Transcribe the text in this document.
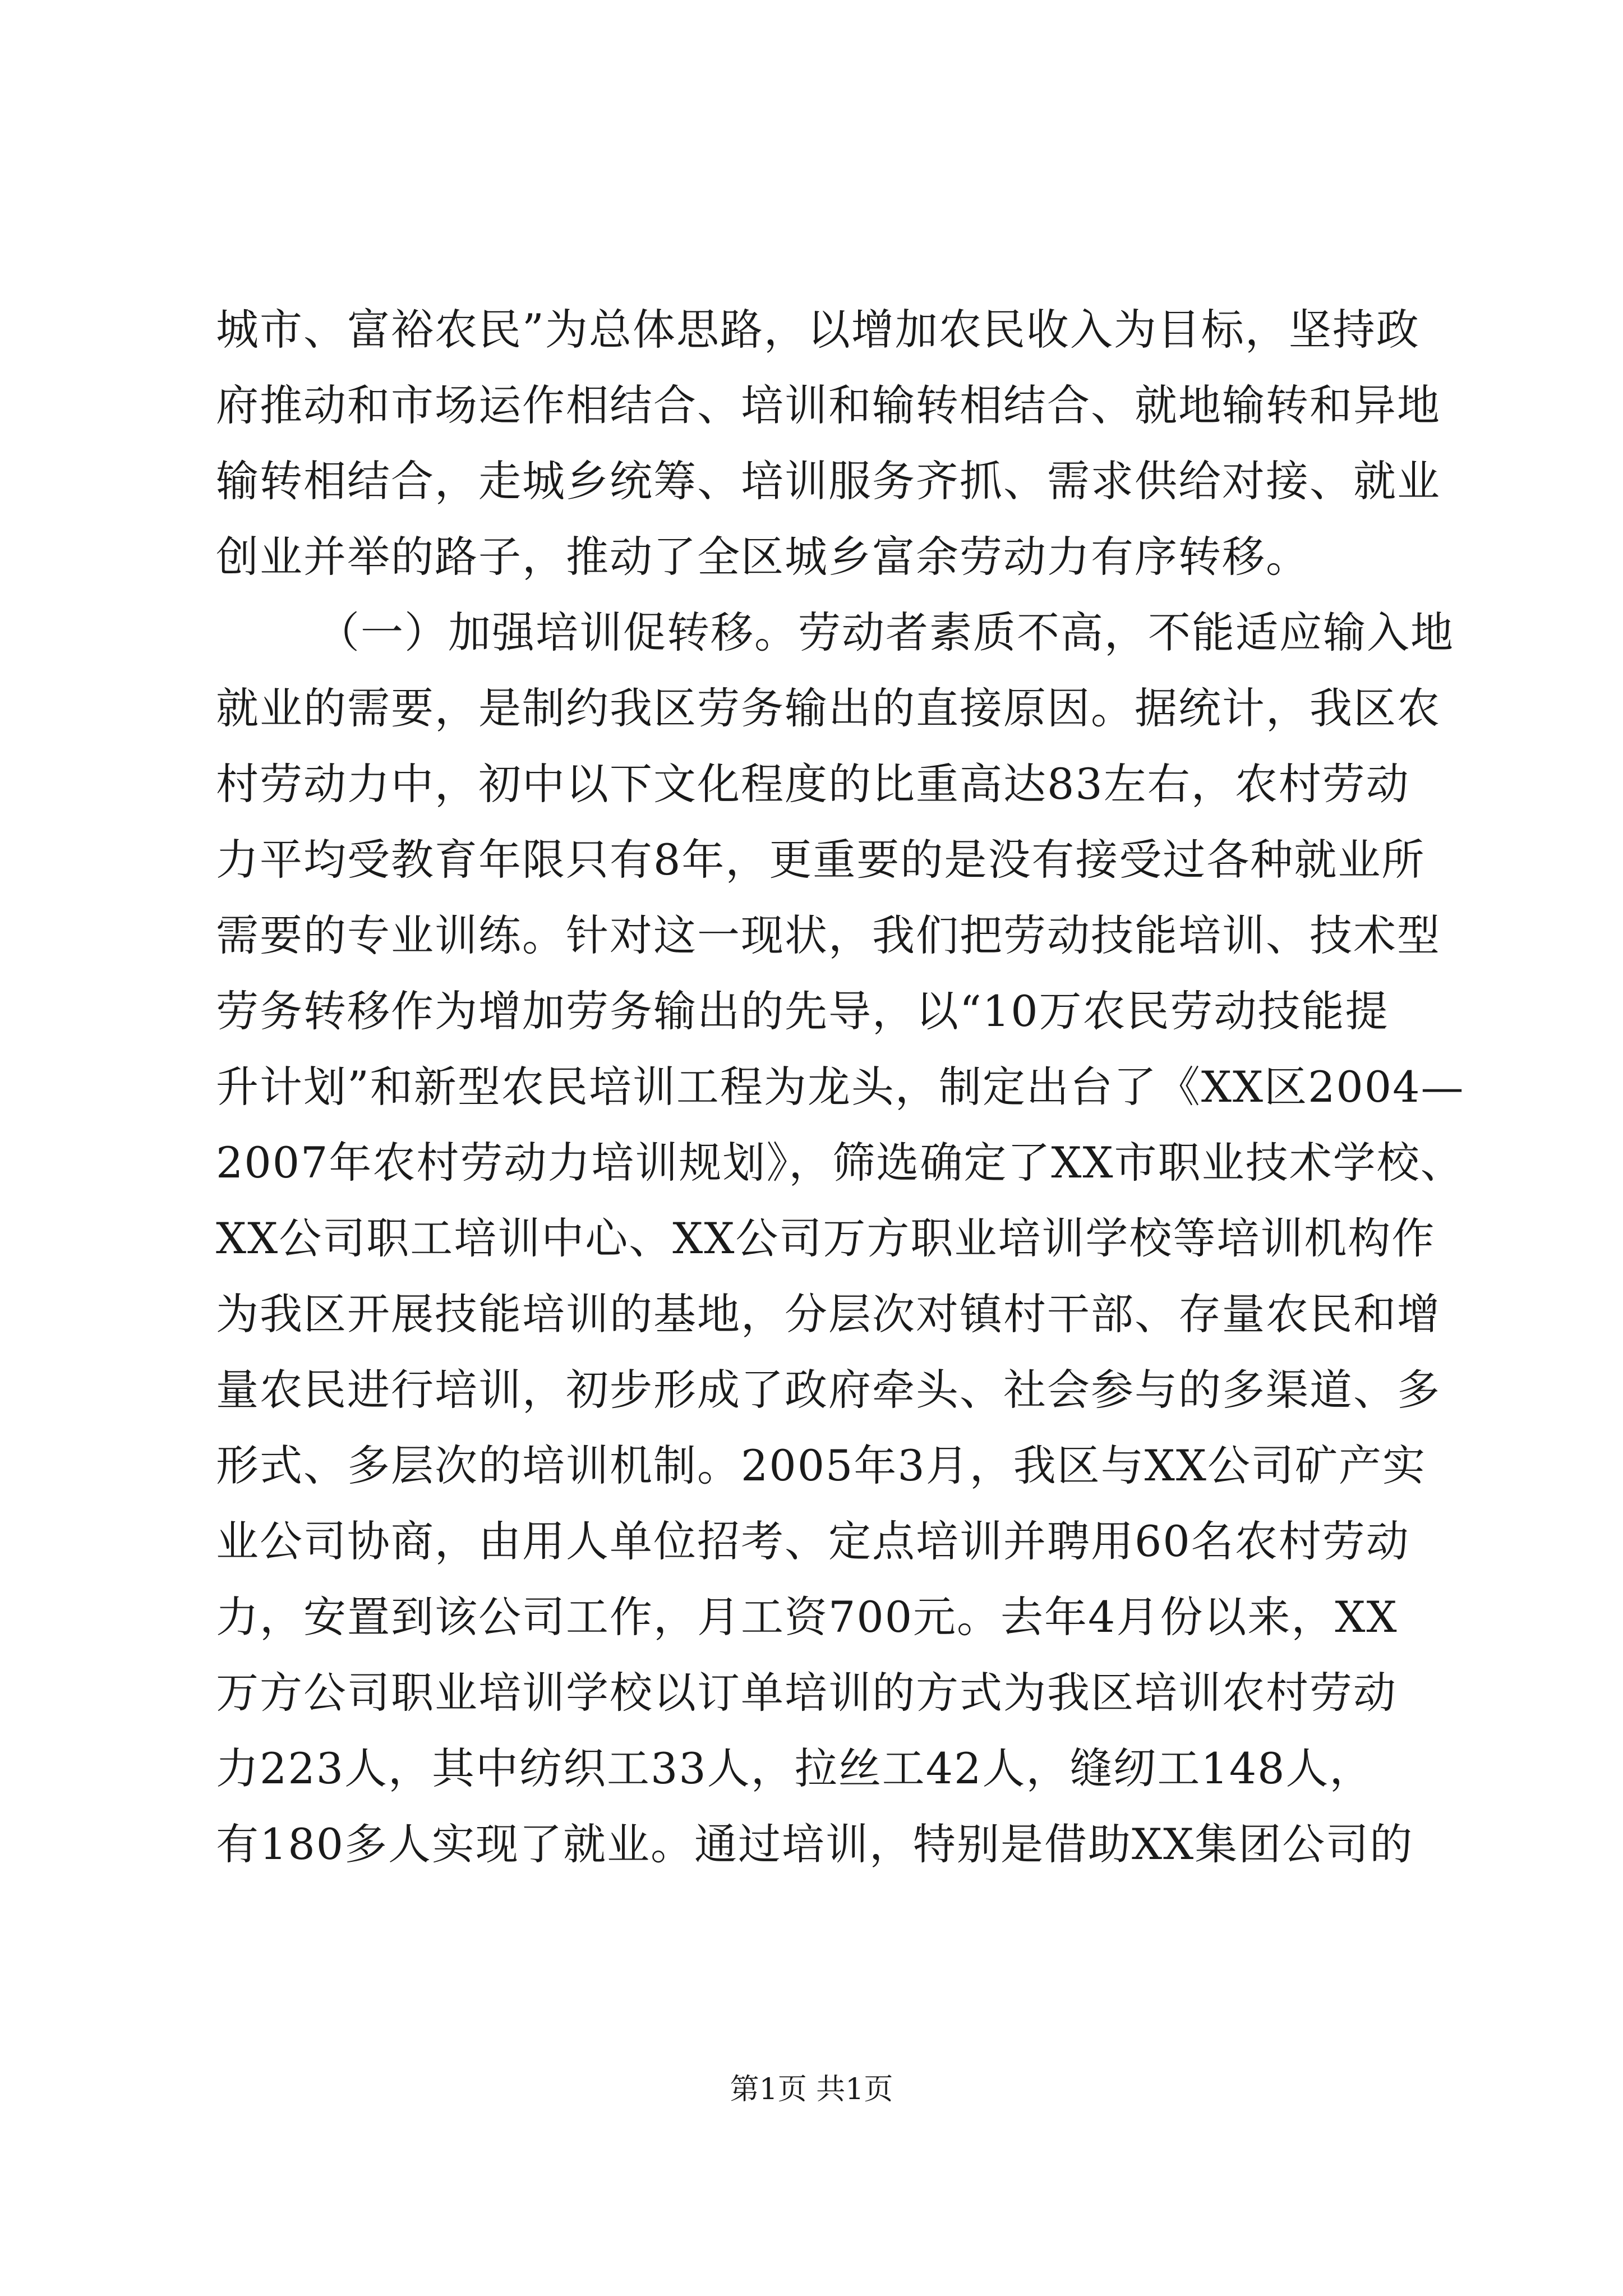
城市、富裕农民”为总体思路，以增加农民收入为目标，坚持政
府推动和市场运作相结合、培训和输转相结合、就地输转和异地
输转相结合，走城乡统筹、培训服务齐抓、需求供给对接、就业
创业并举的路子，推动了全区城乡富余劳动力有序转移。
（一）加强培训促转移。劳动者素质不高，不能适应输入地
就业的需要，是制约我区劳务输出的直接原因。据统计，我区农
村劳动力中，初中以下文化程度的比重高达83左右，农村劳动
力平均受教育年限只有8年，更重要的是没有接受过各种就业所
需要的专业训练。针对这一现状，我们把劳动技能培训、技术型
劳务转移作为增加劳务输出的先导，以“10万农民劳动技能提
升计划”和新型农民培训工程为龙头，制定出台了《XX区2004—
2007年农村劳动力培训规划》，筛选确定了XX市职业技术学校、
XX公司职工培训中心、XX公司万方职业培训学校等培训机构作
为我区开展技能培训的基地，分层次对镇村干部、存量农民和增
量农民进行培训，初步形成了政府牵头、社会参与的多渠道、多
形式、多层次的培训机制。2005年3月，我区与XX公司矿产实
业公司协商，由用人单位招考、定点培训并聘用60名农村劳动
力，安置到该公司工作，月工资700元。去年4月份以来，XX
万方公司职业培训学校以订单培训的方式为我区培训农村劳动
力223人，其中纺织工33人，拉丝工42人，缝纫工148人，
有180多人实现了就业。通过培训，特别是借助XX集团公司的
第1页 共1页
